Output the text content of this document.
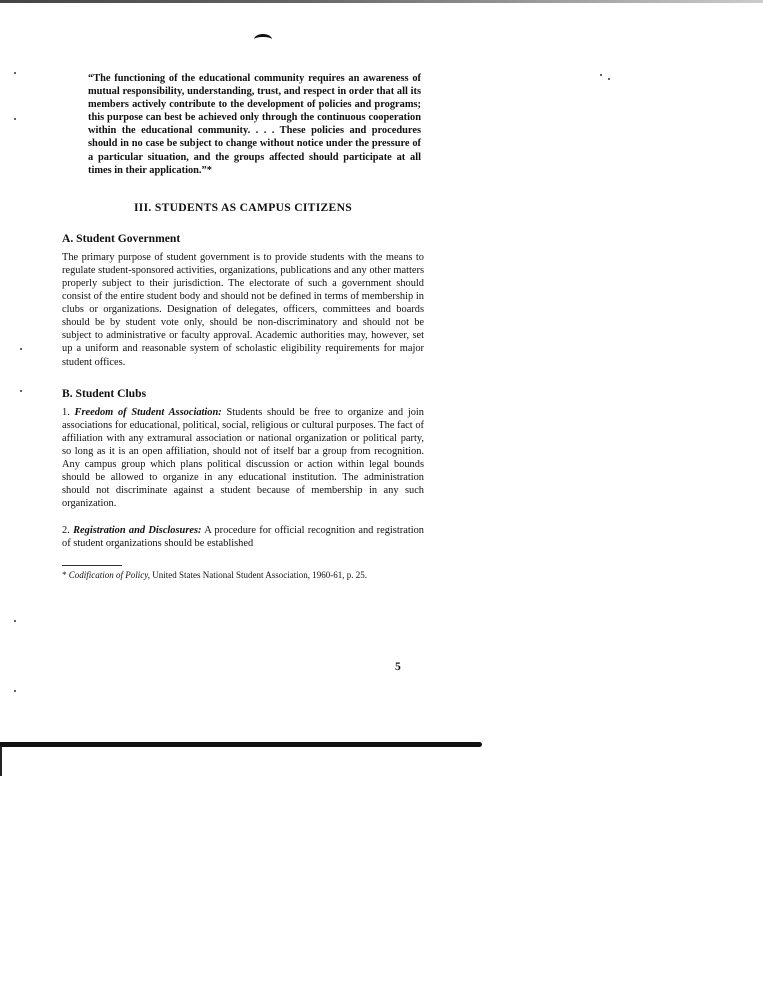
“The functioning of the educational community requires an awareness of mutual responsibility, understanding, trust, and respect in order that all its members actively contribute to the development of policies and programs; this purpose can best be achieved only through the continuous cooperation within the educational community. . . . These policies and procedures should in no case be subject to change without notice under the pressure of a particular situation, and the groups affected should participate at all times in their application.”*

III. STUDENTS AS CAMPUS CITIZENS
A. Student Government

The primary purpose of student government is to provide students with the means to regulate student-sponsored activities, organizations, publications and any other matters properly subject to their jurisdiction. The electorate of such a government should consist of the entire student body and should not be defined in terms of membership in clubs or organizations. Designation of delegates, officers, committees and boards should be by student vote only, should be non-discriminatory and should not be subject to administrative or faculty approval. Academic authorities may, however, set up a uniform and reasonable system of scholastic eligibility requirements for major student offices.

B. Student Clubs

1. Freedom of Student Association: Students should be free to organize and join associations for educational, political, social, religious or cultural purposes. The fact of affiliation with any extramural association or national organization or political party, so long as it is an open affiliation, should not of itself bar a group from recognition. Any campus group which plans political discussion or action within legal bounds should be allowed to organize in any educational institution. The administration should not discriminate against a student because of membership in any such organization.

2. Registration and Disclosures: A procedure for official recognition and registration of student organizations should be established

* Codification of Policy, United States National Student Association, 1960-61, p. 25.

5
